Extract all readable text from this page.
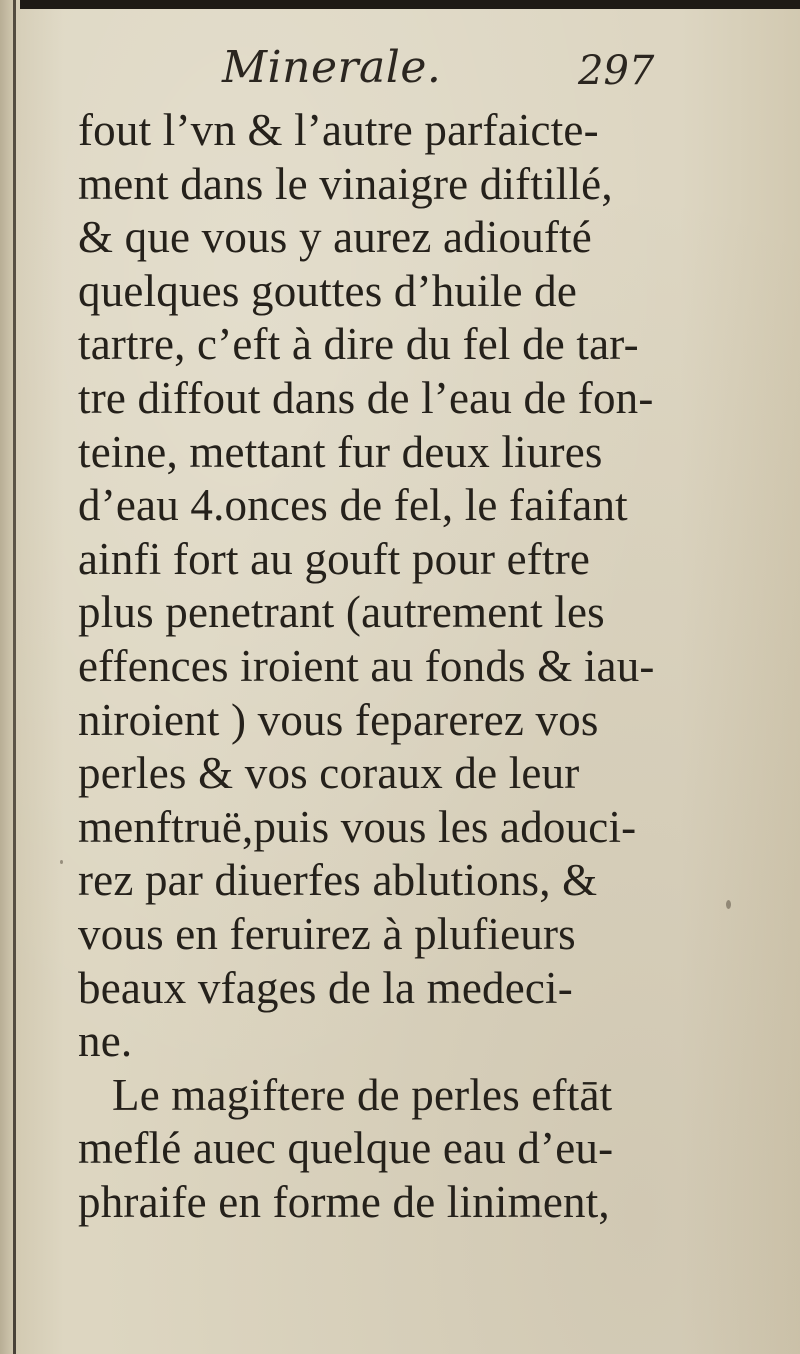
Minerale.	297
fout l’vn & l’autre parfaicte-
ment dans le vinaigre diftillé,
& que vous y aurez adioufté
quelques gouttes d’huile de
tartre, c’eft à dire du fel de tar-
tre diffout dans de l’eau de fon-
teine, mettant fur deux liures
d’eau 4.onces de fel, le faifant
ainfi fort au gouft pour eftre
plus penetrant (autrement les
effences iroient au fonds & iau-
niroient ) vous feparerez vos
perles & vos coraux de leur
menftruë,puis vous les adouci-
rez par diuerfes ablutions, &
vous en feruirez à plufieurs
beaux vfages de la medeci-
ne.
Le magiftere de perles eftāt
meflé auec quelque eau d’eu-
phraife en forme de liniment,
